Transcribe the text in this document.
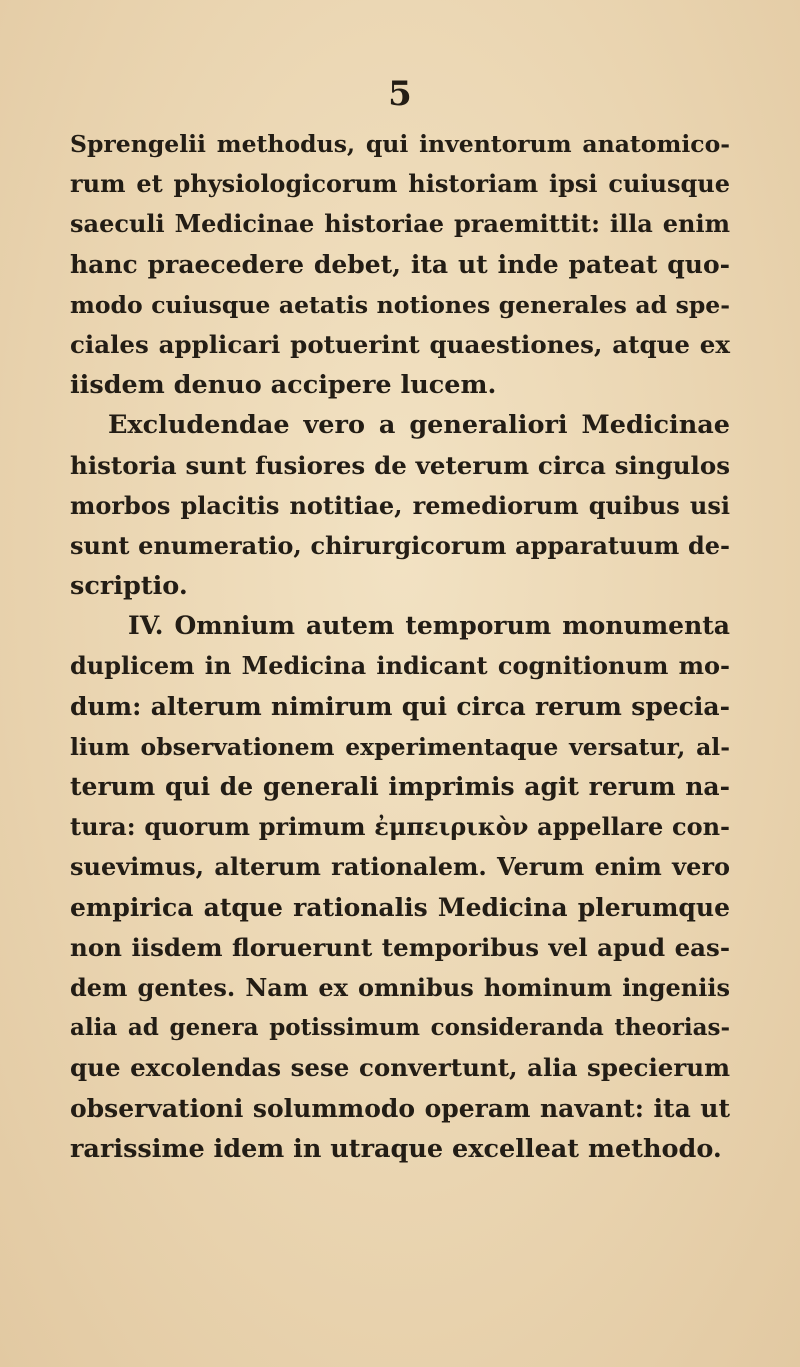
5
Sprengelii methodus, qui inventorum anatomico-
rum et physiologicorum historiam ipsi cuiusque
saeculi Medicinae historiae praemittit: illa enim
hanc praecedere debet, ita ut inde pateat quo-
modo cuiusque aetatis notiones generales ad spe-
ciales applicari potuerint quaestiones, atque ex
iisdem denuo accipere lucem.
Excludendae vero a generaliori Medicinae
historia sunt fusiores de veterum circa singulos
morbos placitis notitiae, remediorum quibus usi
sunt enumeratio, chirurgicorum apparatuum de-
scriptio.
IV. Omnium autem temporum monumenta
duplicem in Medicina indicant cognitionum mo-
dum: alterum nimirum qui circa rerum specia-
lium observationem experimentaque versatur, al-
terum qui de generali imprimis agit rerum na-
tura: quorum primum ἐμπειρικὸν appellare con-
suevimus, alterum rationalem. Verum enim vero
empirica atque rationalis Medicina plerumque
non iisdem floruerunt temporibus vel apud eas-
dem gentes. Nam ex omnibus hominum ingeniis
alia ad genera potissimum consideranda theorias-
que excolendas sese convertunt, alia specierum
observationi solummodo operam navant: ita ut
rarissime idem in utraque excelleat methodo.
